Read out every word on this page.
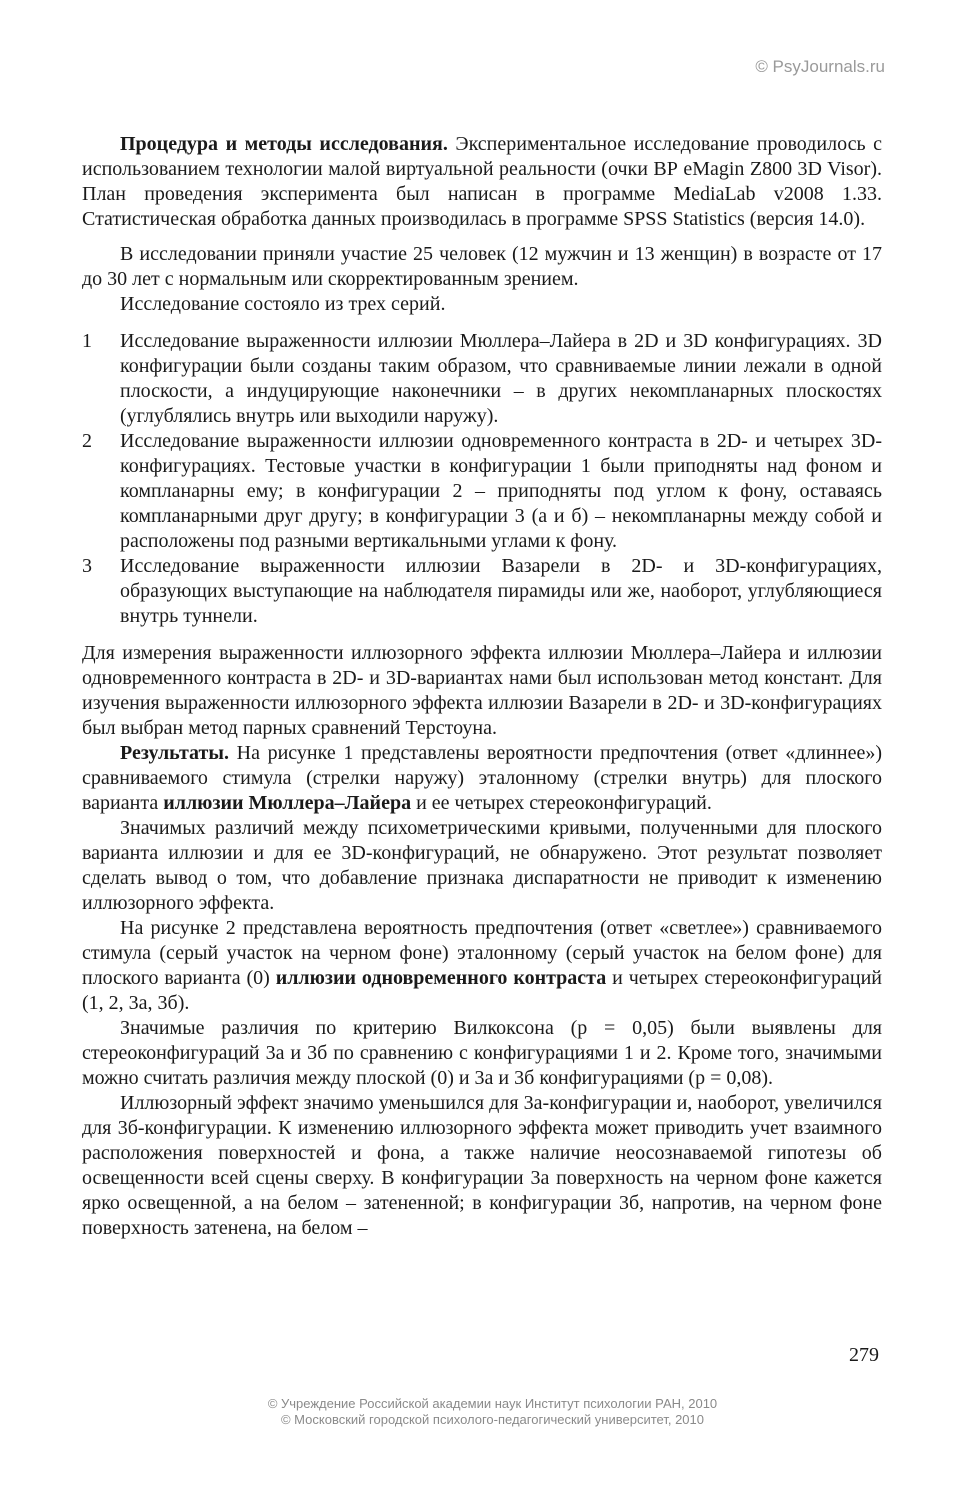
© PsyJournals.ru

Процедура и методы исследования. Экспериментальное исследование проводилось с использованием технологии малой виртуальной реальности (очки ВР eMagin Z800 3D Visor). План проведения эксперимента был написан в программе MediaLab v2008 1.33. Статистическая обработка данных производилась в программе SPSS Statistics (версия 14.0).

В исследовании приняли участие 25 человек (12 мужчин и 13 женщин) в возрасте от 17 до 30 лет с нормальным или скорректированным зрением.

Исследование состояло из трех серий.

1	Исследование выраженности иллюзии Мюллера–Лайера в 2D и 3D конфигурациях. 3D конфигурации были созданы таким образом, что сравниваемые линии лежали в одной плоскости, а индуцирующие наконечники – в других некомпланарных плоскостях (углублялись внутрь или выходили наружу).
2	Исследование выраженности иллюзии одновременного контраста в 2D- и четырех 3D-конфигурациях. Тестовые участки в конфигурации 1 были приподняты над фоном и компланарны ему; в конфигурации 2 – приподняты под углом к фону, оставаясь компланарными друг другу; в конфигурации 3 (а и б) – некомпланарны между собой и расположены под разными вертикальными углами к фону.
3	Исследование выраженности иллюзии Вазарели в 2D- и 3D-конфигурациях, образующих выступающие на наблюдателя пирамиды или же, наоборот, углубляющиеся внутрь туннели.

Для измерения выраженности иллюзорного эффекта иллюзии Мюллера–Лайера и иллюзии одновременного контраста в 2D- и 3D-вариантах нами был использован метод констант. Для изучения выраженности иллюзорного эффекта иллюзии Вазарели в 2D- и 3D-конфигурациях был выбран метод парных сравнений Терстоуна.

Результаты. На рисунке 1 представлены вероятности предпочтения (ответ «длиннее») сравниваемого стимула (стрелки наружу) эталонному (стрелки внутрь) для плоского варианта иллюзии Мюллера–Лайера и ее четырех стереоконфигураций.

Значимых различий между психометрическими кривыми, полученными для плоского варианта иллюзии и для ее 3D-конфигураций, не обнаружено. Этот результат позволяет сделать вывод о том, что добавление признака диспаратности не приводит к изменению иллюзорного эффекта.

На рисунке 2 представлена вероятность предпочтения (ответ «светлее») сравниваемого стимула (серый участок на черном фоне) эталонному (серый участок на белом фоне) для плоского варианта (0) иллюзии одновременного контраста и четырех стереоконфигураций (1, 2, 3а, 3б).

Значимые различия по критерию Вилкоксона (p = 0,05) были выявлены для стереоконфигураций 3а и 3б по сравнению с конфигурациями 1 и 2. Кроме того, значимыми можно считать различия между плоской (0) и 3а и 3б конфигурациями (p = 0,08).

Иллюзорный эффект значимо уменьшился для 3а-конфигурации и, наоборот, увеличился для 3б-конфигурации. К изменению иллюзорного эффекта может приводить учет взаимного расположения поверхностей и фона, а также наличие неосознаваемой гипотезы об освещенности всей сцены сверху. В конфигурации 3а поверхность на черном фоне кажется ярко освещенной, а на белом – затененной; в конфигурации 3б, напротив, на черном фоне поверхность затенена, на белом –

279
© Учреждение Российской академии наук Институт психологии РАН, 2010
© Московский городской психолого-педагогический университет, 2010
